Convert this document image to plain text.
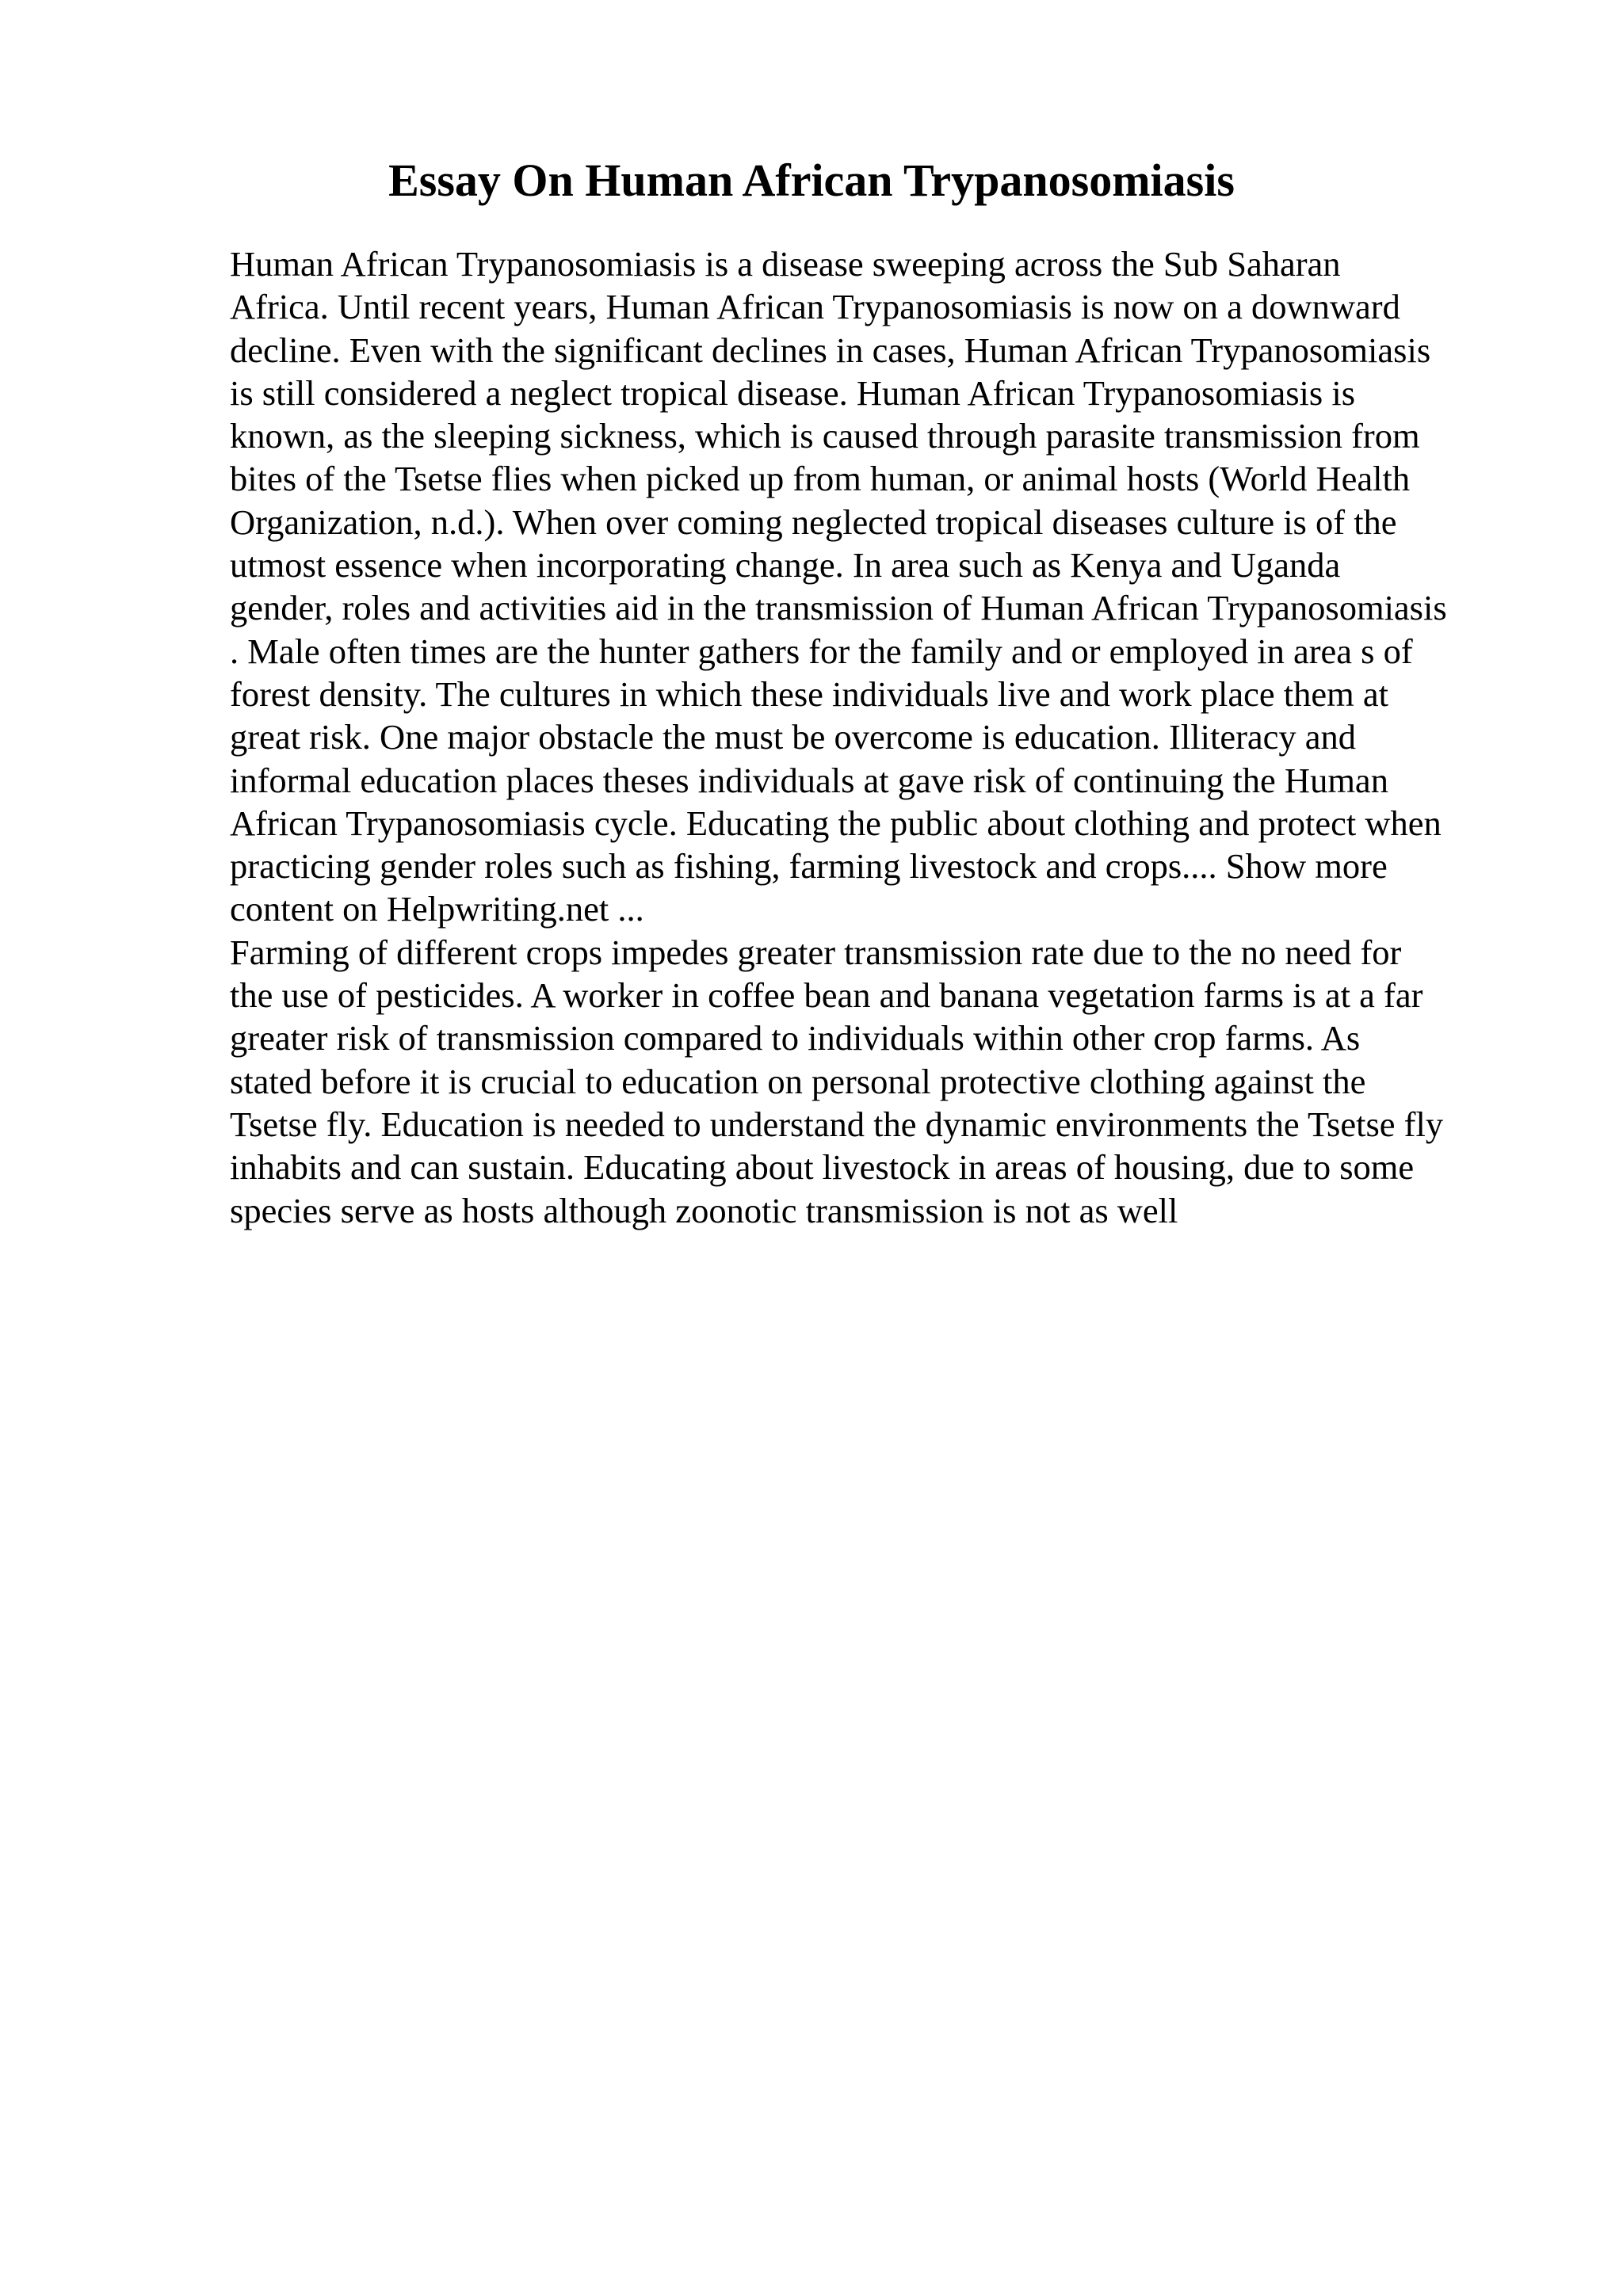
Essay On Human African Trypanosomiasis
Human African Trypanosomiasis is a disease sweeping across the Sub Saharan
Africa. Until recent years, Human African Trypanosomiasis is now on a downward
decline. Even with the significant declines in cases, Human African Trypanosomiasis
is still considered a neglect tropical disease. Human African Trypanosomiasis is
known, as the sleeping sickness, which is caused through parasite transmission from
bites of the Tsetse flies when picked up from human, or animal hosts (World Health
Organization, n.d.). When over coming neglected tropical diseases culture is of the
utmost essence when incorporating change. In area such as Kenya and Uganda
gender, roles and activities aid in the transmission of Human African Trypanosomiasis
. Male often times are the hunter gathers for the family and or employed in area s of
forest density. The cultures in which these individuals live and work place them at
great risk. One major obstacle the must be overcome is education. Illiteracy and
informal education places theses individuals at gave risk of continuing the Human
African Trypanosomiasis cycle. Educating the public about clothing and protect when
practicing gender roles such as fishing, farming livestock and crops.... Show more
content on Helpwriting.net ...
Farming of different crops impedes greater transmission rate due to the no need for
the use of pesticides. A worker in coffee bean and banana vegetation farms is at a far
greater risk of transmission compared to individuals within other crop farms. As
stated before it is crucial to education on personal protective clothing against the
Tsetse fly. Education is needed to understand the dynamic environments the Tsetse fly
inhabits and can sustain. Educating about livestock in areas of housing, due to some
species serve as hosts although zoonotic transmission is not as well
